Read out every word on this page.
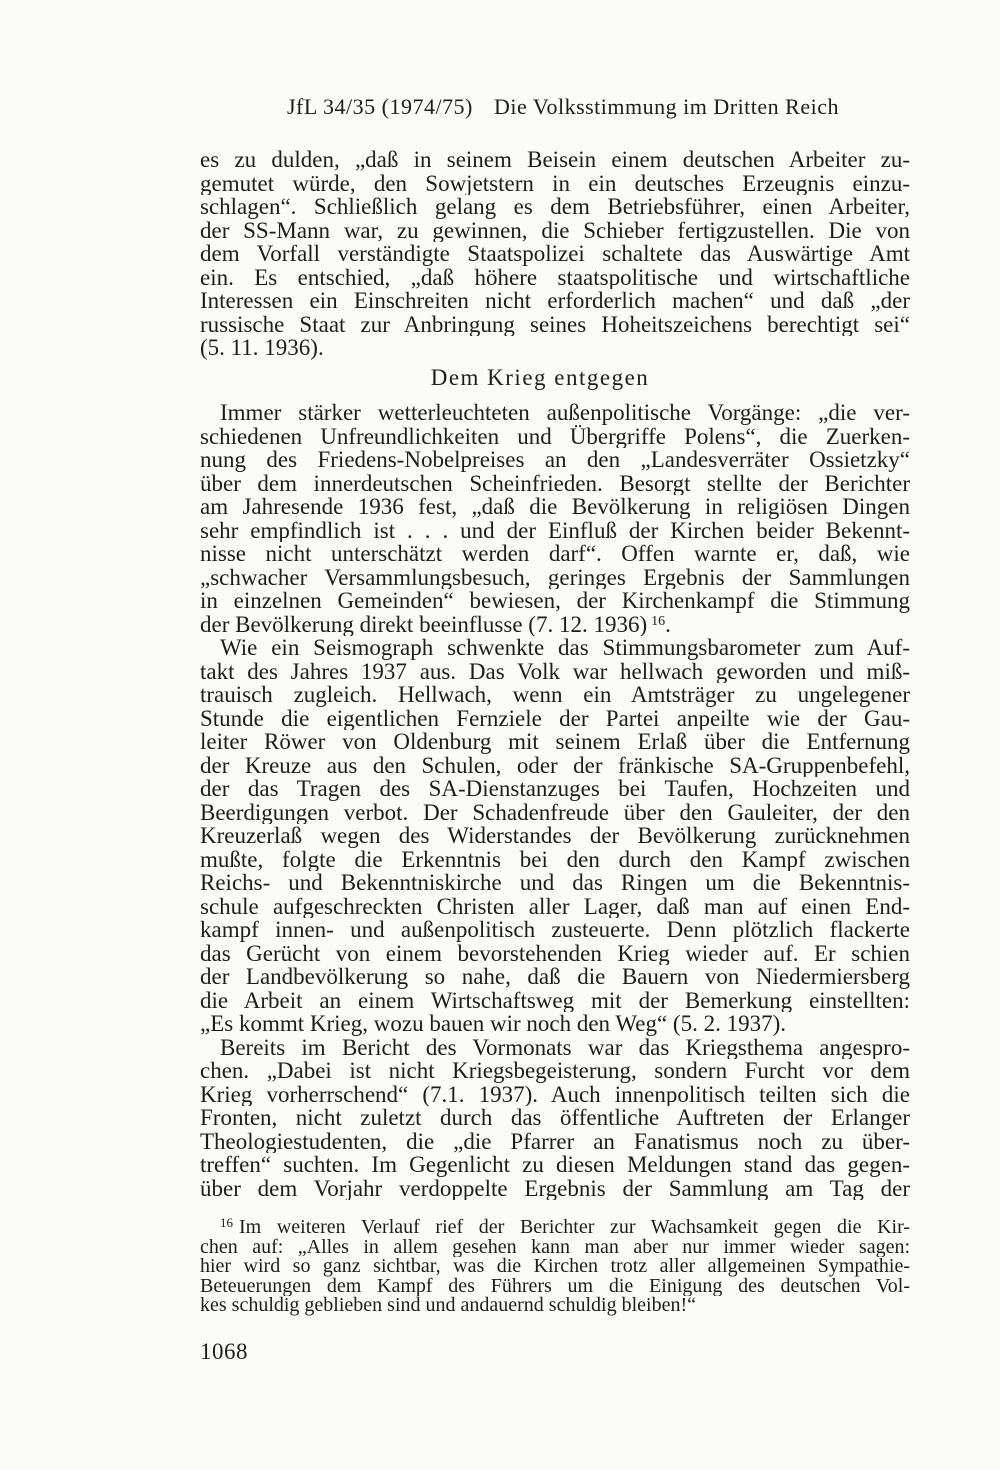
JfL 34/35 (1974/75) Die Volksstimmung im Dritten Reich
es zu dulden, „daß in seinem Beisein einem deutschen Arbeiter zu-
gemutet würde, den Sowjetstern in ein deutsches Erzeugnis einzu-
schlagen“. Schließlich gelang es dem Betriebsführer, einen Arbeiter,
der SS-Mann war, zu gewinnen, die Schieber fertigzustellen. Die von
dem Vorfall verständigte Staatspolizei schaltete das Auswärtige Amt
ein. Es entschied, „daß höhere staatspolitische und wirtschaftliche
Interessen ein Einschreiten nicht erforderlich machen“ und daß „der
russische Staat zur Anbringung seines Hoheitszeichens berechtigt sei“
(5. 11. 1936).
Dem Krieg entgegen
Immer stärker wetterleuchteten außenpolitische Vorgänge: „die ver-
schiedenen Unfreundlichkeiten und Übergriffe Polens“, die Zuerken-
nung des Friedens-Nobelpreises an den „Landesverräter Ossietzky“
über dem innerdeutschen Scheinfrieden. Besorgt stellte der Berichter
am Jahresende 1936 fest, „daß die Bevölkerung in religiösen Dingen
sehr empfindlich ist . . . und der Einfluß der Kirchen beider Bekennt-
nisse nicht unterschätzt werden darf“. Offen warnte er, daß, wie
„schwacher Versammlungsbesuch, geringes Ergebnis der Sammlungen
in einzelnen Gemeinden“ bewiesen, der Kirchenkampf die Stimmung
der Bevölkerung direkt beeinflusse (7. 12. 1936) $^{16}$.
Wie ein Seismograph schwenkte das Stimmungsbarometer zum Auf-
takt des Jahres 1937 aus. Das Volk war hellwach geworden und miß-
trauisch zugleich. Hellwach, wenn ein Amtsträger zu ungelegener
Stunde die eigentlichen Fernziele der Partei anpeilte wie der Gau-
leiter Röwer von Oldenburg mit seinem Erlaß über die Entfernung
der Kreuze aus den Schulen, oder der fränkische SA-Gruppenbefehl,
der das Tragen des SA-Dienstanzuges bei Taufen, Hochzeiten und
Beerdigungen verbot. Der Schadenfreude über den Gauleiter, der den
Kreuzerlaß wegen des Widerstandes der Bevölkerung zurücknehmen
mußte, folgte die Erkenntnis bei den durch den Kampf zwischen
Reichs- und Bekenntniskirche und das Ringen um die Bekenntnis-
schule aufgeschreckten Christen aller Lager, daß man auf einen End-
kampf innen- und außenpolitisch zusteuerte. Denn plötzlich flackerte
das Gerücht von einem bevorstehenden Krieg wieder auf. Er schien
der Landbevölkerung so nahe, daß die Bauern von Niedermiersberg
die Arbeit an einem Wirtschaftsweg mit der Bemerkung einstellten:
„Es kommt Krieg, wozu bauen wir noch den Weg“ (5. 2. 1937).
Bereits im Bericht des Vormonats war das Kriegsthema angespro-
chen. „Dabei ist nicht Kriegsbegeisterung, sondern Furcht vor dem
Krieg vorherrschend“ (7.1. 1937). Auch innenpolitisch teilten sich die
Fronten, nicht zuletzt durch das öffentliche Auftreten der Erlanger
Theologiestudenten, die „die Pfarrer an Fanatismus noch zu über-
treffen“ suchten. Im Gegenlicht zu diesen Meldungen stand das gegen-
über dem Vorjahr verdoppelte Ergebnis der Sammlung am Tag der
$^{16}$ Im weiteren Verlauf rief der Berichter zur Wachsamkeit gegen die Kir-
chen auf: „Alles in allem gesehen kann man aber nur immer wieder sagen:
hier wird so ganz sichtbar, was die Kirchen trotz aller allgemeinen Sympathie-
Beteuerungen dem Kampf des Führers um die Einigung des deutschen Vol-
kes schuldig geblieben sind und andauernd schuldig bleiben!“
1068
